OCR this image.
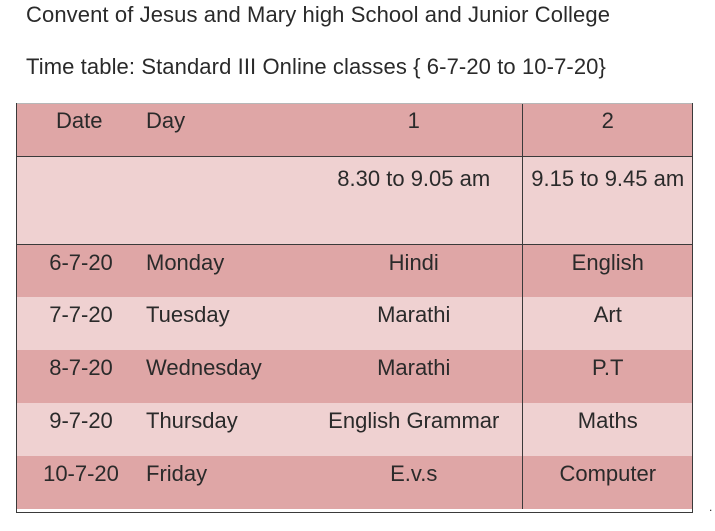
Convent of Jesus and Mary high School and Junior College
Time table: Standard III Online classes { 6-7-20 to 10-7-20}
Date	Day	1	2
		8.30 to 9.05 am	9.15 to 9.45 am
6-7-20	Monday	Hindi	English
7-7-20	Tuesday	Marathi	Art
8-7-20	Wednesday	Marathi	P.T
9-7-20	Thursday	English Grammar	Maths
10-7-20	Friday	E.v.s	Computer
.
